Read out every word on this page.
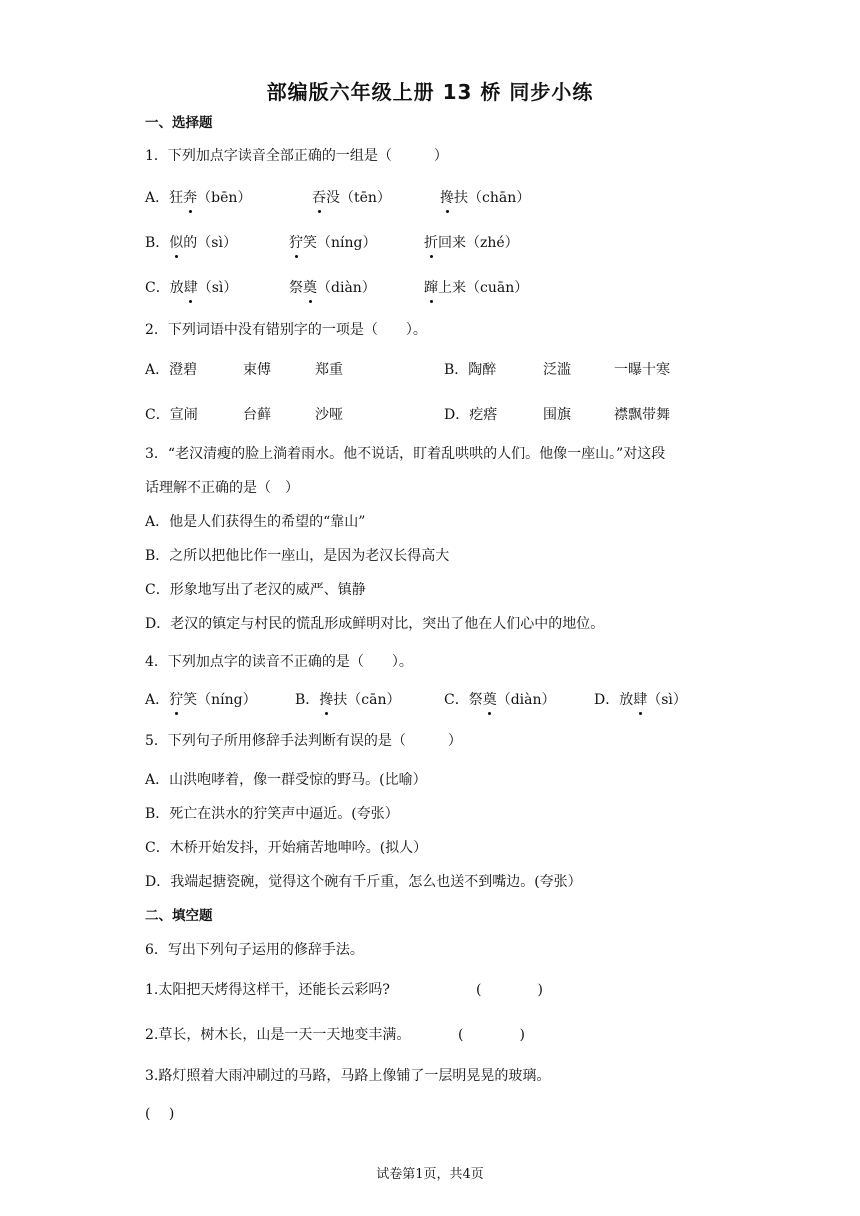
部编版六年级上册 13 桥 同步小练
一、选择题
1．下列加点字读音全部正确的一组是（　　　）
A．狂奔（bēn）	吞没（tēn）	搀扶（chān）
B．似的（sì）	狞笑（níng）	折回来（zhé）
C．放肆（sì）	祭奠（diàn）	蹿上来（cuān）
2．下列词语中没有错别字的一项是（　　）。
A．澄碧	束傅	郑重	B．陶醉	泛滥	一曝十寒
C．宣闹	台藓	沙哑	D．疙瘩	围旗	襟飘带舞
3．“老汉清瘦的脸上淌着雨水。他不说话，盯着乱哄哄的人们。他像一座山。”对这段
话理解不正确的是（　）
A．他是人们获得生的希望的“靠山”
B．之所以把他比作一座山，是因为老汉长得高大
C．形象地写出了老汉的威严、镇静
D．老汉的镇定与村民的慌乱形成鲜明对比，突出了他在人们心中的地位。
4．下列加点字的读音不正确的是（　　）。
A．狞笑（níng）	B．搀扶（cān）	C．祭奠（diàn）	D．放肆（sì）
5．下列句子所用修辞手法判断有误的是（　　　）
A．山洪咆哮着，像一群受惊的野马。(比喻）
B．死亡在洪水的狞笑声中逼近。(夸张）
C．木桥开始发抖，开始痛苦地呻吟。(拟人）
D．我端起搪瓷碗，觉得这个碗有千斤重，怎么也送不到嘴边。(夸张）
二、填空题
6．写出下列句子运用的修辞手法。
1.太阳把天烤得这样干，还能长云彩吗?	(　　　　)
2.草长，树木长，山是一天一天地变丰满。	(　　　　)
3.路灯照着大雨冲刷过的马路，马路上像铺了一层明晃晃的玻璃。
(　 )
试卷第1页，共4页
